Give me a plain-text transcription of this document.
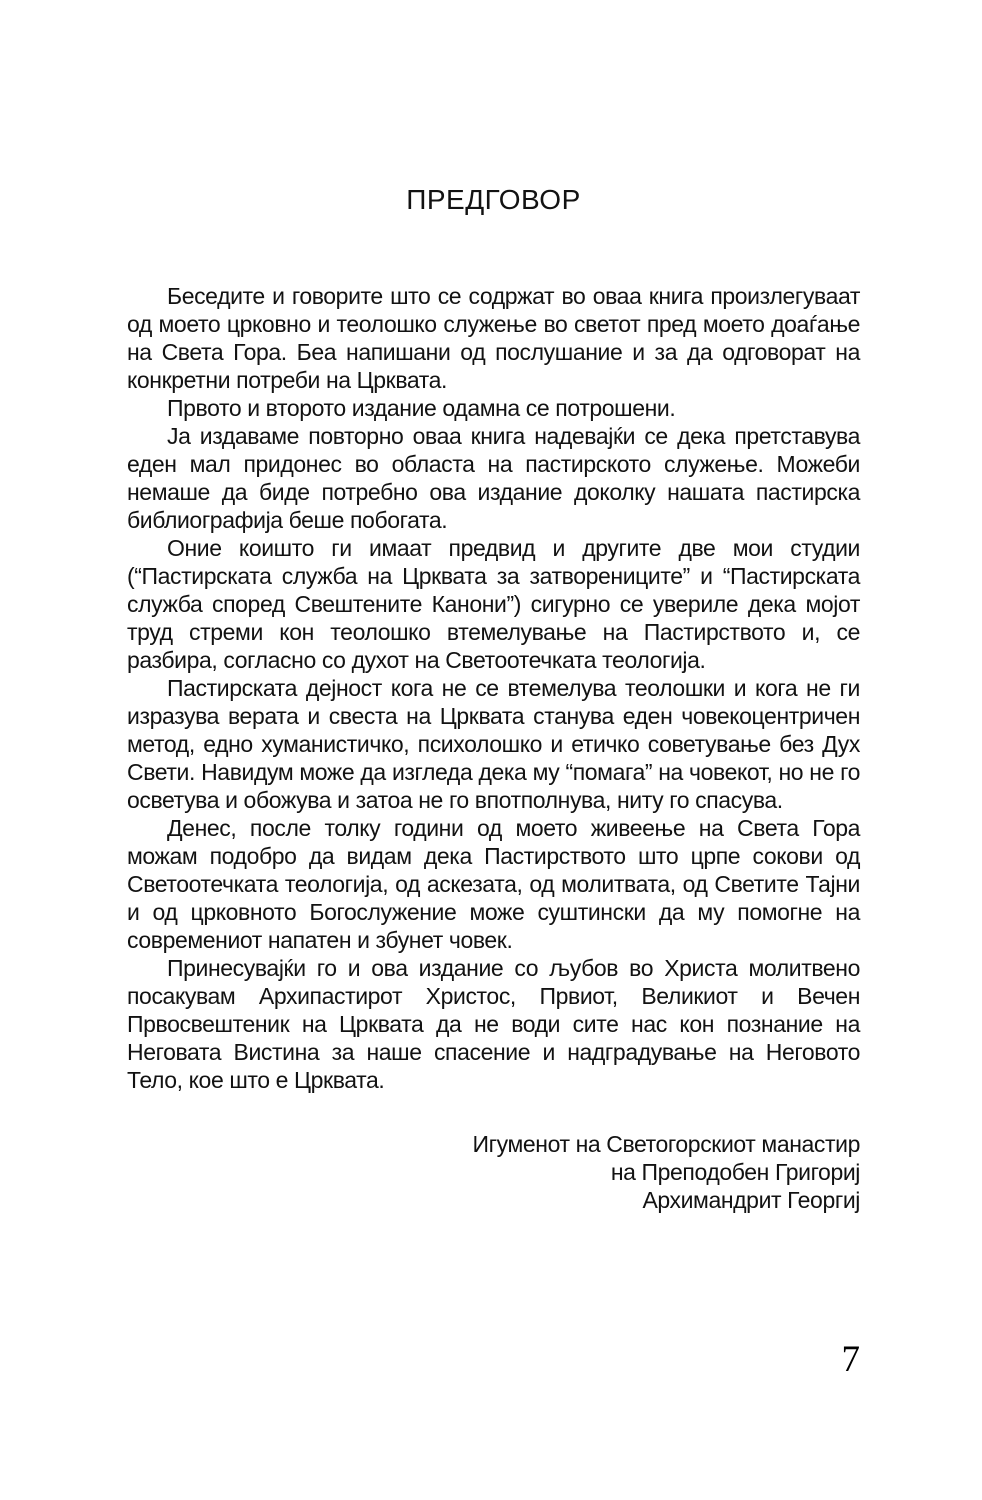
ПРЕДГОВОР

Беседите и говорите што се содржат во оваа книга произлегуваат од моето црковно и теолошко служење во светот пред моето доаѓање на Света Гора. Беа напишани од послушание и за да одговорат на конкретни потреби на Црквата.

Првото и второто издание одамна се потрошени.

Ја издаваме повторно оваа книга надевајќи се дека претставува еден мал придонес во областа на пастирското служење. Можеби немаше да биде потребно ова издание доколку нашата пастирска библиографија беше побогата.

Оние коишто ги имаат предвид и другите две мои студии (“Пастирската служба на Црквата за затворениците” и “Пастирската служба според Свештените Канони”) сигурно се увериле дека мојот труд стреми кон теолошко втемелување на Пастирството и, се разбира, согласно со духот на Светоотечката теологија.

Пастирската дејност кога не се втемелува теолошки и кога не ги изразува верата и свеста на Црквата станува еден човекоцентричен метод, едно хуманистичко, психолошко и етичко советување без Дух Свети. Навидум може да изгледа дека му “помага” на човекот, но не го осветува и обожува и затоа не го впотполнува, ниту го спасува.

Денес, после толку години од моето живеење на Света Гора можам подобро да видам дека Пастирството што црпе сокови од Светоотечката теологија, од аскезата, од молитвата, од Светите Тајни и од црковното Богослужение може суштински да му помогне на современиот напатен и збунет човек.

Принесувајќи го и ова издание со љубов во Христа молитвено посакувам Архипастирот Христос, Првиот, Великиот и Вечен Првосвештеник на Црквата да не води сите нас кон познание на Неговата Вистина за наше спасение и надградување на Неговото Тело, кое што е Црквата.

Игуменот на Светогорскиот манастир
на Преподобен Григориј
Архимандрит Георгиј
7
